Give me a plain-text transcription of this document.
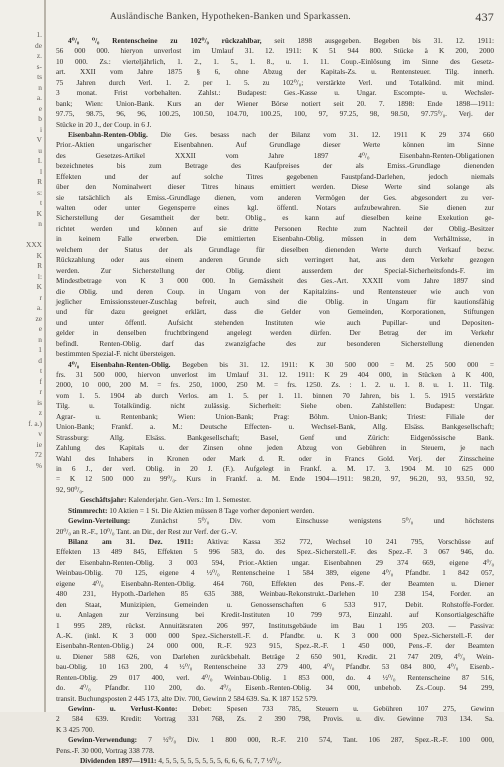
1.
de
z.
s-
ts
n
a.
e
b
i
V
u
I.
l
R
s:
t
K
n
XXX
K
R
l:
K
r
a.
ze
e
n
1
d
t
f
r
is
z
f. a.)
v
ie
72
%
Ausländische Banken, Hypotheken-Banken und Sparkassen.	437
4⁰/₀ ⁰/₀ Rentenscheine zu 102⁰/₀ rückzahlbar, seit 1898 ausgegeben. Begeben bis 31. 12. 1911:
56 000 000. hieryon unverlost im Umlauf 31. 12. 1911: K 51 944 800. Stücke à K 200, 2000
10 000. Zs.: vierteljährlich, 1. 2., 1. 5., 1. 8., u. 1. 11. Coup.-Einlösung im Sinne des Gesetz-
art. XXII vom Jahre 1875 § 6, ohne Abzug der Kapitals-Zs. u. Rentensteuer. Tilg. innerh.
75 Jahren durch Verl. 1. 2. per 1. 5. zu 102⁰/₀; verstärkte Verl. und Totalkünd. mit mind.
3 monat. Frist vorbehalten. Zahlst.: Budapest: Ges.-Kasse u. Ungar. Escompte- u. Wechsler-
bank; Wien: Union-Bank. Kurs an der Wiener Börse notiert seit 20. 7. 1898: Ende 1898—1911:
97.75, 98.75, 96, 96, 100.25, 100.50, 104.70, 100.25, 100, 97, 97.25, 98, 98.50, 97.75⁰/₀. Verj. der
Stücke in 20 J., der Coup. in 6 J.
Eisenbahn-Renten-Oblig. Die Ges. besass nach der Bilanz vom 31. 12. 1911 K 29 374 660
Prior.-Aktien ungarischer Eisenbahnen. Auf Grundlage dieser Werte können im Sinne
des Gesetzes-Artikel XXXII vom Jahre 1897 4⁰/₀ Eisenbahn-Renten-Obligationen
bezeichnetes bis zum Betrage des Kaufpreises der als Emiss.-Grundlage dienenden
Effekten und der auf solche Titres gegebenen Faustpfand-Darlehen, jedoch niemals
über den Nominalwert dieser Titres hinaus emittiert werden. Diese Werte sind solange als
sie tatsächlich als Emiss.-Grundlage dienen, vom anderen Vermögen der Ges. abgesondert zu ver-
walten oder unter Gegensperre eines kgl. öffentl. Notars aufzubewahren. Sie dienen zur
Sicherstellung der Gesamtheit der betr. Oblig., es kann auf dieselben keine Exekution ge-
richtet werden und können auf sie dritte Personen Rechte zum Nachteil der Oblig.-Besitzer
in keinem Falle erwerben. Die emittierten Eisenbahn-Oblig. müssen in dem Verhältnisse, in
welchem der Status der als Grundlage für dieselben dienenden Werte durch Verkauf bezw.
Rückzahlung oder aus einem anderen Grunde sich verringert hat, aus dem Verkehr gezogen
werden. Zur Sicherstellung der Oblig. dient ausserdem der Special-Sicherheitsfonds-F. im
Mindestbetrage von K 3 000 000. In Gemässheit des Ges.-Art. XXXII vom Jahre 1897 sind
die Oblig. und deren Coup. in Ungarn von der Kapitalzins- und Rentensteuer wie auch von
jeglicher Emissionssteuer-Zuschlag befreit, auch sind die Oblig. in Ungarn für kautionsfähig
und für dazu geeignet erklärt, dass die Gelder von Gemeinden, Korporationen, Stiftungen
und unter öffentl. Aufsicht stehenden Instituten wie auch Pupillar- und Depositen-
gelder in denselben fruchtbringend angelegt werden dürfen. Der Betrag der im Verkehr
befindl. Renten-Oblig. darf das zwanzigfache des zur besonderen Sicherstellung dienenden
bestimmten Spezial-F. nicht übersteigen.
4⁰/₀ Eisenbahn-Renten-Oblig. Begeben bis 31. 12. 1911: K 30 500 000 = M. 25 500 000 =
frs. 31 500 000, hiervon unverlost im Umlauf 31. 12. 1911: K 29 404 000, in Stücken à K 400,
2000, 10 000, 200 M. = frs. 250, 1000, 250 M. = frs. 1250. Zs. : 1. 2. u. 1. 8. u. 1. 11. Tilg.
vom 1. 5. 1904 ab durch Verlos. am 1. 5. per 1. 11. binnen 70 Jahren, bis 1. 5. 1915 verstärkte
Tilg. u. Totalkündig. nicht zulässig. Sicherheit: Siehe oben. Zahlstellen: Budapest: Ungar.
Agrar- u. Rentenbank; Wien: Union-Bank; Prag: Böhm. Union-Bank; Triest: Filiale der
Union-Bank; Frankf. a. M.: Deutsche Effecten- u. Wechsel-Bank, Allg. Elsäss. Bankgesellschaft;
Strassburg: Allg. Elsäss. Bankgesellschaft; Basel, Genf und Zürich: Eidgenössische Bank.
Zahlung des Kapitals u. der Zinsen ohne jeden Abzug von Gebühren in Steuern, je nach
Wahl des Inhabers in Kronen oder Mark d. R. oder in Francs Gold. Verj. der Zinsscheine
in 6 J., der verl. Oblig. in 20 J. (F.). Aufgelegt in Frankf. a. M. 17. 3. 1904 M. 10 625 000
= K 12 500 000 zu 99⁰/₀. Kurs in Frankf. a. M. Ende 1904—1911: 98.20, 97, 96.20, 93, 93.50, 92,
92, 90⁰/₀.
Geschäftsjahr: Kalenderjahr. Gen.-Vers.: Im 1. Semester.
Stimmrecht: 10 Aktien = 1 St. Die Aktien müssen 8 Tage vorher deponiert werden.
Gewinn-Verteilung: Zunächst 5⁰/₀ Div. vom Einschusse wenigstens 5⁰/₀ und höchstens
20⁰/₀ an R.-F., 10⁰/₀ Tant. an Dir., der Rest zur Verf. der G.-V.
Bilanz am 31. Dez. 1911: Aktiva: Kassa 352 772, Wechsel 10 241 795, Vorschüsse auf
Effekten 13 489 845, Effekten 5 996 583, do. des Spez.-Sicherstell.-F. des Spez.-F. 3 067 946, do.
der Eisenbahn-Renten-Oblig. 3 003 594, Prior.-Aktien ungar. Eisenbahnen 29 374 669, eigene 4⁰/₀
Weinbau-Oblig. 70 125, eigene 4 ½⁰/₀ Rentenscheine 1 584 389, eigene 4⁰/₀ Pfandbr. 1 842 057,
eigene 4⁰/₀ Eisenbahn-Renten-Oblig. 464 760, Effekten des Pens.-F. der Beamten u. Diener
480 231, Hypoth.-Darlehen 85 635 388, Weinbau-Rekonstrukt.-Darlehen 10 238 154, Forder. an
den Staat, Munizipien, Gemeinden u. Genossenschaften 6 533 917, Debit. Rohstoffe-Forder.
u. Anlagen zur Verzinsung bei Kredit-Instituten 10 799 973, Einzahl. auf Konsortialgeschäfte
1 995 289, rückst. Annuitätsraten 206 997, Institutsgebäude im Bau 1 195 203. — Passiva:
A.-K. (inkl. K 3 000 000 Spez.-Sicherstell.-F. d. Pfandbr. u. K 3 000 000 Spez.-Sicherstell.-F. der
Eisenbahn-Renten-Oblig.) 24 000 000, R.-F. 923 915, Spez.-R.-F. 1 450 000, Pens.-F. der Beamten
u. Diener 588 626, von Darlehen zurückbehalt. Beträge 2 650 901, Kredit. 21 747 209, 4⁰/₀ Wein-
bau-Oblig. 10 163 200, 4 ½⁰/₀ Rentenscheine 33 279 400, 4⁰/₀ Pfandbr. 53 084 800, 4⁰/₀ Eisenb.-
Renten-Oblig. 29 017 400, verl. 4⁰/₀ Weinbau-Oblig. 1 853 000, do. 4 ½⁰/₀ Rentenscheine 87 516,
do. 4⁰/₀ Pfandbr. 110 200, do. 4⁰/₀ Eisenb.-Renten-Oblig. 34 000, unbehob. Zs.-Coup. 94 299,
transit. Buchungsposten 2 445 173, alte Div. 700, Gewinn 2 584 639. Sa. K 187 152 579.
Gewinn- u. Verlust-Konto: Debet: Spesen 733 785, Steuern u. Gebühren 107 275, Gewinn
2 584 639. Kredit: Vortrag 331 768, Zs. 2 390 798, Provis. u. div. Gewinne 703 134. Sa.
K 3 425 700.
Gewinn-Verwendung: 7 ½⁰/₀ Div. 1 800 000, R.-F. 210 574, Tant. 106 287, Spez.-R.-F. 100 000,
Pens.-F. 30 000, Vortrag 338 778.
Dividenden 1897—1911: 4, 5, 5, 5, 5, 5, 5, 5, 5, 6, 6, 6, 6, 7, 7 ½⁰/₀.
